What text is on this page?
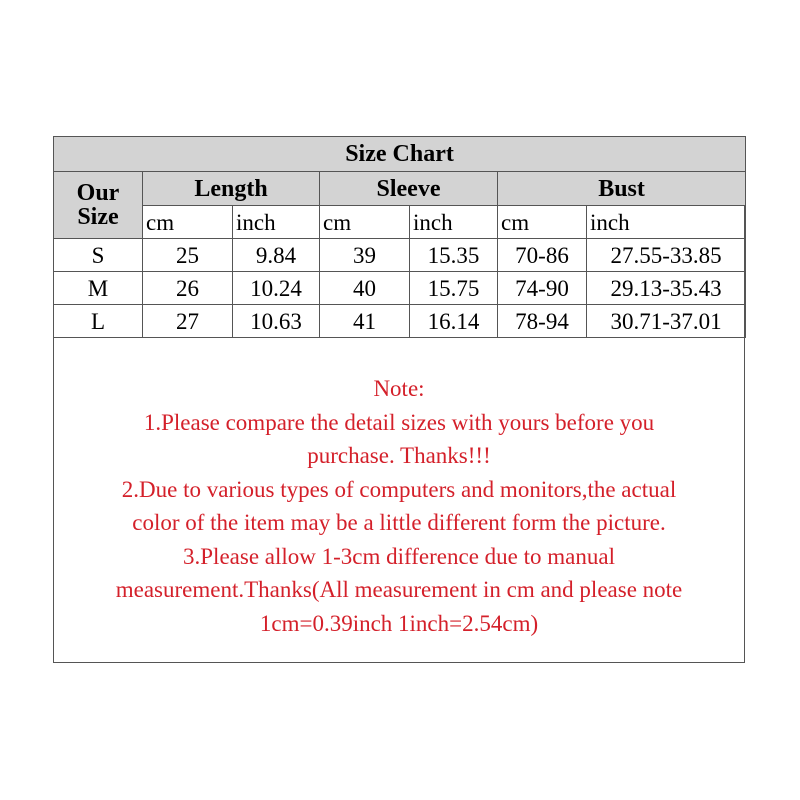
Size Chart						

Our
Size	Length		Sleeve		Bust	
	cm	inch	cm	inch	cm	inch
S	25	9.84	39	15.35	70-86	27.55-33.85
M	26	10.24	40	15.75	74-90	29.13-35.43
L	27	10.63	41	16.14	78-94	30.71-37.01
Note:
1.Please compare the detail sizes with yours before you
purchase. Thanks!!!
2.Due to various types of computers and monitors,the actual
color of the item may be a little different form the picture.
3.Please allow 1-3cm difference due to manual
measurement.Thanks(All measurement in cm and please note
1cm=0.39inch 1inch=2.54cm)
